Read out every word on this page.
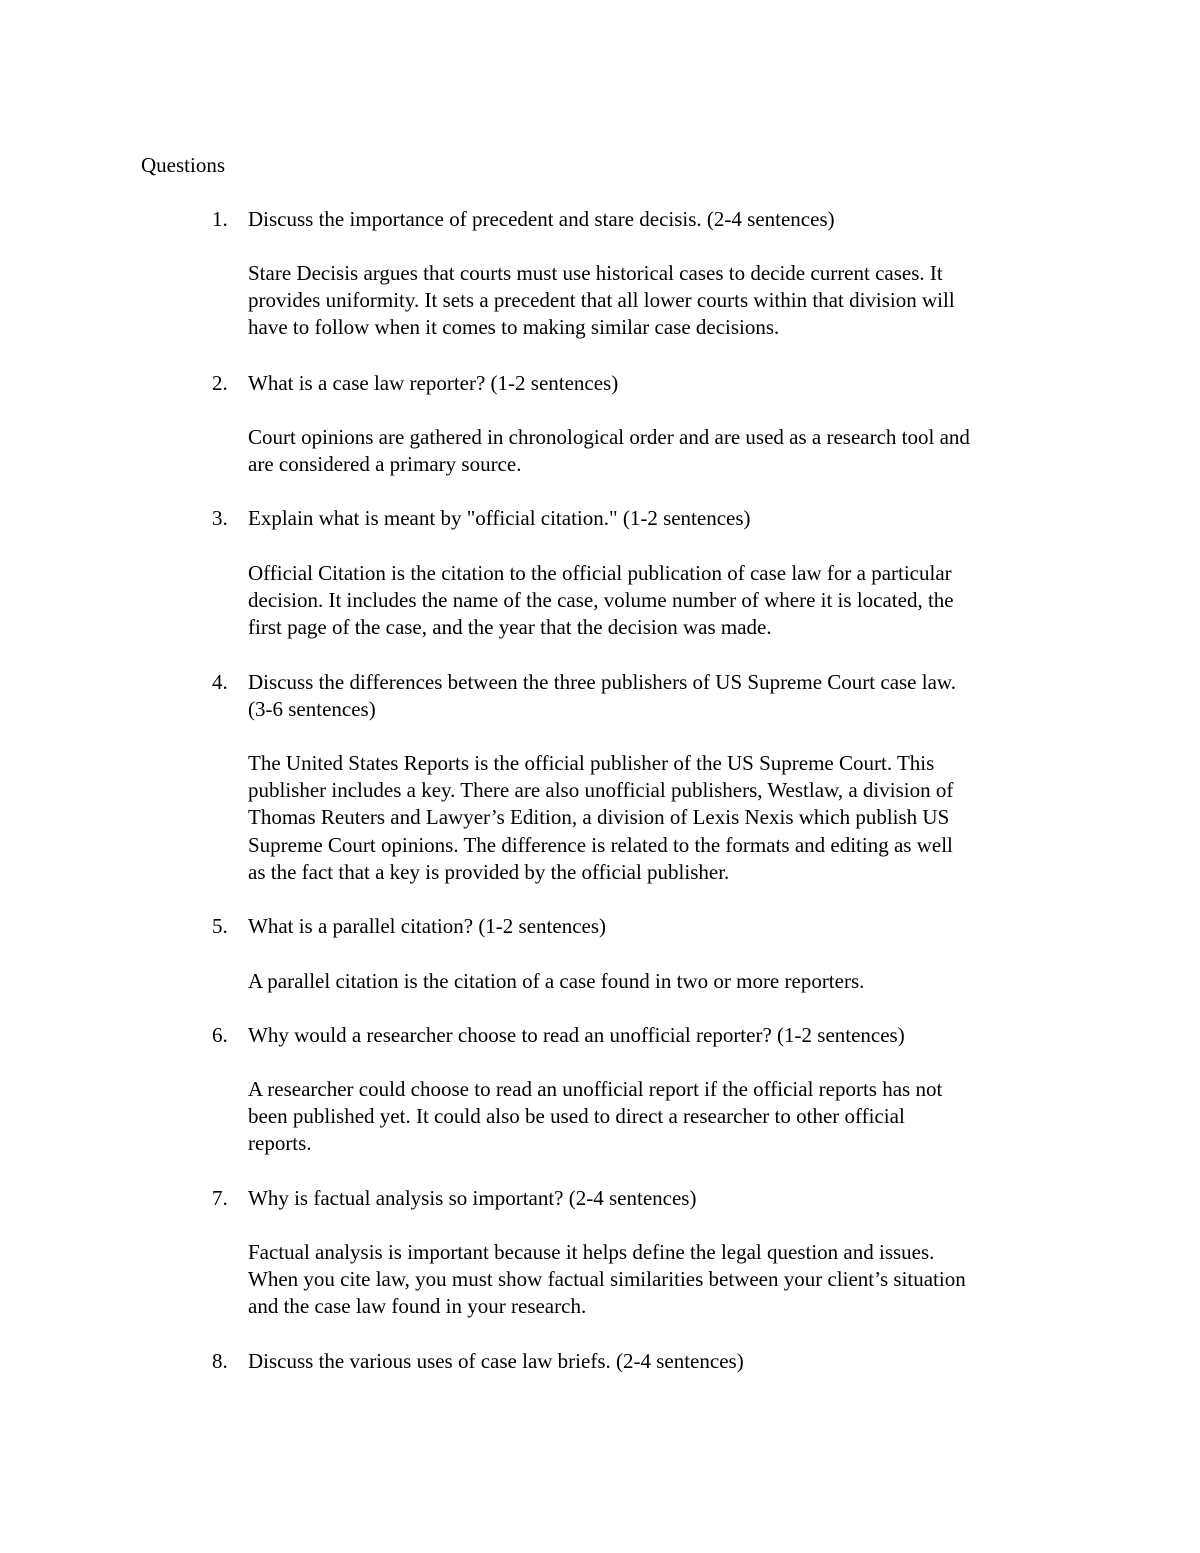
Questions
1. Discuss the importance of precedent and stare decisis. (2-4 sentences)
Stare Decisis argues that courts must use historical cases to decide current cases. It
provides uniformity. It sets a precedent that all lower courts within that division will
have to follow when it comes to making similar case decisions.
2. What is a case law reporter? (1-2 sentences)
Court opinions are gathered in chronological order and are used as a research tool and
are considered a primary source.
3. Explain what is meant by "official citation." (1-2 sentences)
Official Citation is the citation to the official publication of case law for a particular
decision. It includes the name of the case, volume number of where it is located, the
first page of the case, and the year that the decision was made.
4. Discuss the differences between the three publishers of US Supreme Court case law.
(3-6 sentences)
The United States Reports is the official publisher of the US Supreme Court. This
publisher includes a key. There are also unofficial publishers, Westlaw, a division of
Thomas Reuters and Lawyer’s Edition, a division of Lexis Nexis which publish US
Supreme Court opinions. The difference is related to the formats and editing as well
as the fact that a key is provided by the official publisher.
5. What is a parallel citation? (1-2 sentences)
A parallel citation is the citation of a case found in two or more reporters.
6. Why would a researcher choose to read an unofficial reporter? (1-2 sentences)
A researcher could choose to read an unofficial report if the official reports has not
been published yet. It could also be used to direct a researcher to other official
reports.
7. Why is factual analysis so important? (2-4 sentences)
Factual analysis is important because it helps define the legal question and issues.
When you cite law, you must show factual similarities between your client’s situation
and the case law found in your research.
8. Discuss the various uses of case law briefs. (2-4 sentences)
